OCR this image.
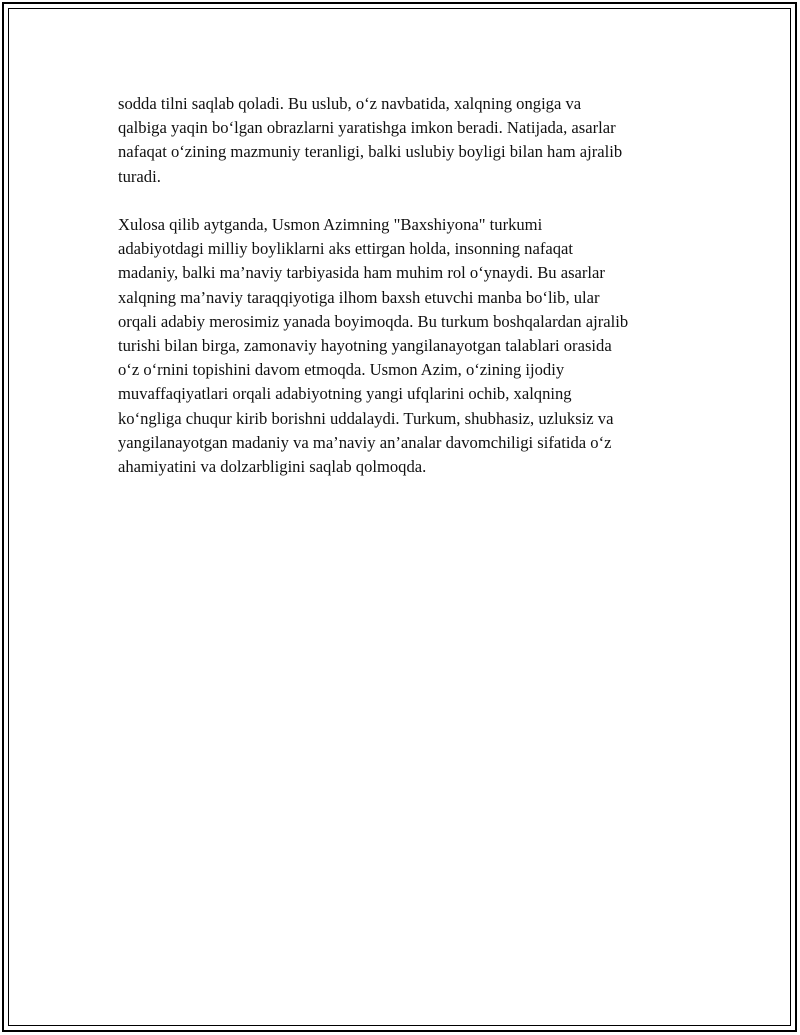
sodda tilni saqlab qoladi. Bu uslub, o‘z navbatida, xalqning ongiga va
qalbiga yaqin bo‘lgan obrazlarni yaratishga imkon beradi. Natijada, asarlar
nafaqat o‘zining mazmuniy teranligi, balki uslubiy boyligi bilan ham ajralib
turadi.

Xulosa qilib aytganda, Usmon Azimning "Baxshiyona" turkumi
adabiyotdagi milliy boyliklarni aks ettirgan holda, insonning nafaqat
madaniy, balki ma’naviy tarbiyasida ham muhim rol o‘ynaydi. Bu asarlar
xalqning ma’naviy taraqqiyotiga ilhom baxsh etuvchi manba bo‘lib, ular
orqali adabiy merosimiz yanada boyimoqda. Bu turkum boshqalardan ajralib
turishi bilan birga, zamonaviy hayotning yangilanayotgan talablari orasida
o‘z o‘rnini topishini davom etmoqda. Usmon Azim, o‘zining ijodiy
muvaffaqiyatlari orqali adabiyotning yangi ufqlarini ochib, xalqning
ko‘ngliga chuqur kirib borishni uddalaydi. Turkum, shubhasiz, uzluksiz va
yangilanayotgan madaniy va ma’naviy an’analar davomchiligi sifatida o‘z
ahamiyatini va dolzarbligini saqlab qolmoqda.
